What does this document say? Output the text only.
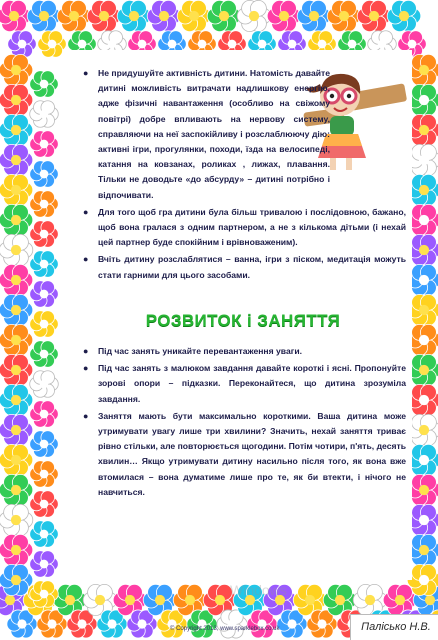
● Не придушуйте активність дитини. Натомість давайте дитині можливість витрачати надлишкову енергію, адже фізичні навантаження (особливо на свіжому повітрі) добре впливають на нервову систему, справляючи на неї заспокійливу і розслаблюючу дію: активні ігри, прогулянки, походи, їзда на велосипеді, катання на ковзанах, роликах , лижах, плавання. Тільки не доводьте «до абсурду» – дитині потрібно і відпочивати.
● Для того щоб гра дитини була більш тривалою і послідовною, бажано, щоб вона гралася з одним партнером, а не з кількома дітьми (і нехай цей партнер буде спокійним і врівноваженим).
● Вчіть дитину розслаблятися – ванна, ігри з піском, медитація можуть стати гарними для цього засобами.
РОЗВИТОК і ЗАНЯТТЯ
● Під час занять уникайте перевантаження уваги.
● Під час занять з малюком завдання давайте короткі і ясні. Пропонуйте зорові опори – підказки. Переконайтеся, що дитина зрозуміла завдання.
● Заняття мають бути максимально короткими. Ваша дитина може утримувати увагу лише три хвилини? Значить, нехай заняття триває рівно стільки, але повторюється щогодини. Потім чотири, п'ять, десять хвилин… Якщо утримувати дитину насильно після того, як вона вже втомилася – вона думатиме лише про те, як би втекти, і нічого не навчиться.
Windows
© Copyright 2013, www.sparklebox.co.uk	Палісько Н.В.
